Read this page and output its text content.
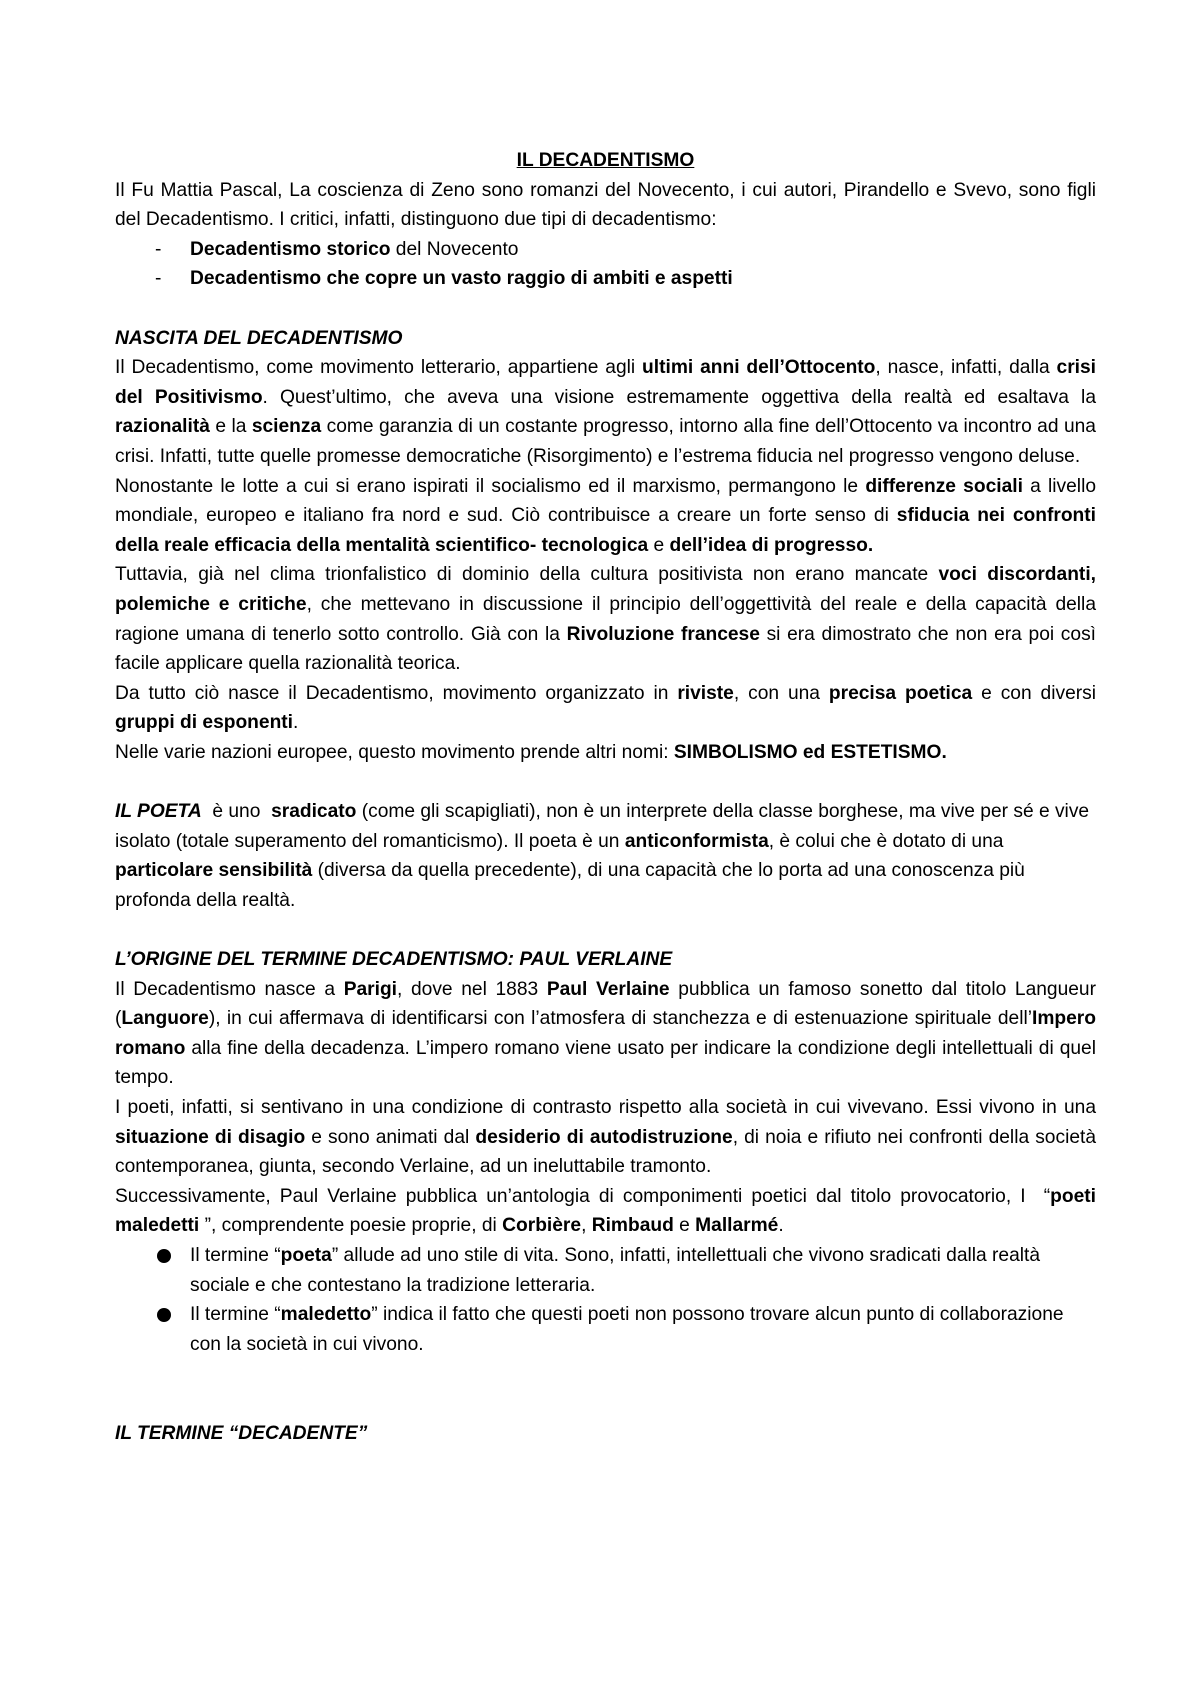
IL DECADENTISMO

Il Fu Mattia Pascal, La coscienza di Zeno sono romanzi del Novecento, i cui autori, Pirandello e Svevo, sono figli del Decadentismo. I critici, infatti, distinguono due tipi di decadentismo:

- Decadentismo storico del Novecento
- Decadentismo che copre un vasto raggio di ambiti e aspetti

NASCITA DEL DECADENTISMO

Il Decadentismo, come movimento letterario, appartiene agli ultimi anni dell’Ottocento, nasce, infatti, dalla crisi del Positivismo. Quest’ultimo, che aveva una visione estremamente oggettiva della realtà ed esaltava la razionalità e la scienza come garanzia di un costante progresso, intorno alla fine dell’Ottocento va incontro ad una crisi. Infatti, tutte quelle promesse democratiche (Risorgimento) e l’estrema fiducia nel progresso vengono deluse.

Nonostante le lotte a cui si erano ispirati il socialismo ed il marxismo, permangono le differenze sociali a livello mondiale, europeo e italiano fra nord e sud. Ciò contribuisce a creare un forte senso di sfiducia nei confronti della reale efficacia della mentalità scientifico- tecnologica e dell’idea di progresso.

Tuttavia, già nel clima trionfalistico di dominio della cultura positivista non erano mancate voci discordanti, polemiche e critiche, che mettevano in discussione il principio dell’oggettività del reale e della capacità della ragione umana di tenerlo sotto controllo. Già con la Rivoluzione francese si era dimostrato che non era poi così facile applicare quella razionalità teorica.

Da tutto ciò nasce il Decadentismo, movimento organizzato in riviste, con una precisa poetica e con diversi gruppi di esponenti.

Nelle varie nazioni europee, questo movimento prende altri nomi: SIMBOLISMO ed ESTETISMO.

IL POETA  è uno  sradicato (come gli scapigliati), non è un interprete della classe borghese, ma vive per sé e vive isolato (totale superamento del romanticismo). Il poeta è un anticonformista, è colui che è dotato di una particolare sensibilità (diversa da quella precedente), di una capacità che lo porta ad una conoscenza più profonda della realtà.

L’ORIGINE DEL TERMINE DECADENTISMO: PAUL VERLAINE

Il Decadentismo nasce a Parigi, dove nel 1883 Paul Verlaine pubblica un famoso sonetto dal titolo Langueur (Languore), in cui affermava di identificarsi con l’atmosfera di stanchezza e di estenuazione spirituale dell’Impero romano alla fine della decadenza. L’impero romano viene usato per indicare la condizione degli intellettuali di quel tempo.

I poeti, infatti, si sentivano in una condizione di contrasto rispetto alla società in cui vivevano. Essi vivono in una situazione di disagio e sono animati dal desiderio di autodistruzione, di noia e rifiuto nei confronti della società contemporanea, giunta, secondo Verlaine, ad un ineluttabile tramonto.

Successivamente, Paul Verlaine pubblica un’antologia di componimenti poetici dal titolo provocatorio, I  “poeti maledetti ”, comprendente poesie proprie, di Corbière, Rimbaud e Mallarmé.

Il termine “poeta” allude ad uno stile di vita. Sono, infatti, intellettuali che vivono sradicati dalla realtà sociale e che contestano la tradizione letteraria.
Il termine “maledetto” indica il fatto che questi poeti non possono trovare alcun punto di collaborazione con la società in cui vivono.

IL TERMINE “DECADENTE”
